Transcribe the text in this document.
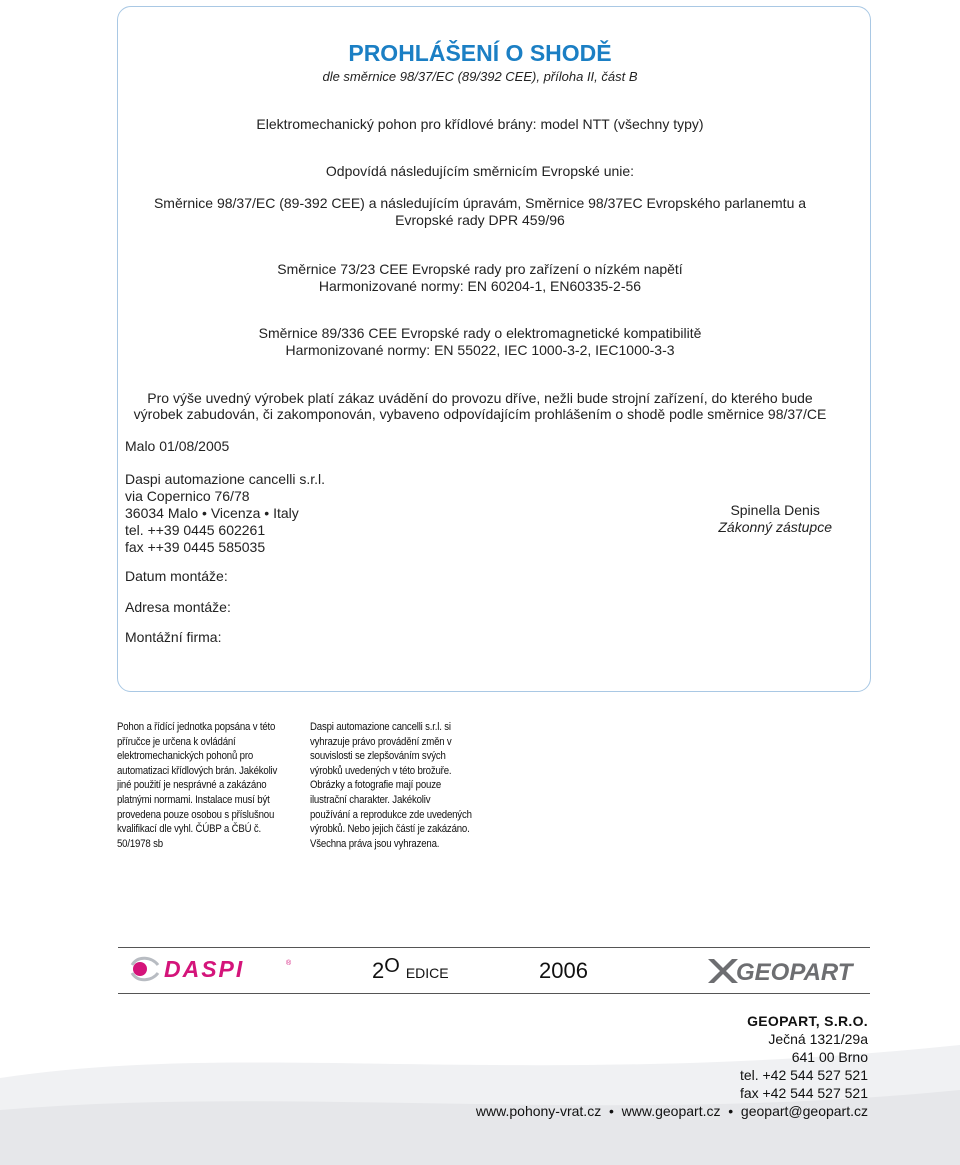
PROHLÁŠENÍ O SHODĚ
dle směrnice 98/37/EC (89/392 CEE), příloha II, část B
Elektromechanický pohon pro křídlové brány: model NTT (všechny typy)
Odpovídá následujícím směrnicím Evropské unie:
Směrnice 98/37/EC (89-392 CEE) a následujícím úpravám, Směrnice 98/37EC Evropského parlanemtu a
Evropské rady DPR 459/96
Směrnice 73/23 CEE Evropské rady pro zařízení o nízkém napětí
Harmonizované normy: EN 60204-1, EN60335-2-56
Směrnice 89/336 CEE Evropské rady o elektromagnetické kompatibilitě
Harmonizované normy: EN 55022, IEC 1000-3-2, IEC1000-3-3
Pro výše uvedný výrobek platí zákaz uvádění do provozu dříve, nežli bude strojní zařízení, do kterého bude
výrobek zabudován, či zakomponován, vybaveno odpovídajícím prohlášením o shodě podle směrnice 98/37/CE
Malo 01/08/2005
Daspi automazione cancelli s.r.l.
via Copernico 76/78
36034 Malo • Vicenza • Italy
tel. ++39 0445 602261
fax ++39 0445 585035
Spinella Denis
Zákonný zástupce
Datum montáže:
Adresa montáže:
Montážní firma:
Pohon a řídící jednotka popsána v této
příručce je určena k ovládání
elektromechanických pohonů pro
automatizaci křídlových brán. Jakékoliv
jiné použití je nesprávné a zakázáno
platnými normami. Instalace musí být
provedena pouze osobou s příslušnou
kvalifikací dle vyhl. ČÚBP a ČBÚ č.
50/1978 sb
Daspi automazione cancelli s.r.l. si
vyhrazuje právo provádění změn v
souvislosti se zlepšováním svých
výrobků uvedených v této brožuře.
Obrázky a fotografie mají pouze
ilustrační charakter. Jakékoliv
používání a reprodukce zde uvedených
výrobků. Nebo jejich částí je zakázáno.
Všechna práva jsou vyhrazena.
DASPI	®	2O EDICE	2006	GEOPART
GEOPART, S.R.O.
Ječná 1321/29a
641 00 Brno
tel. +42 544 527 521
fax +42 544 527 521
www.pohony-vrat.cz  •  www.geopart.cz  •  geopart@geopart.cz
